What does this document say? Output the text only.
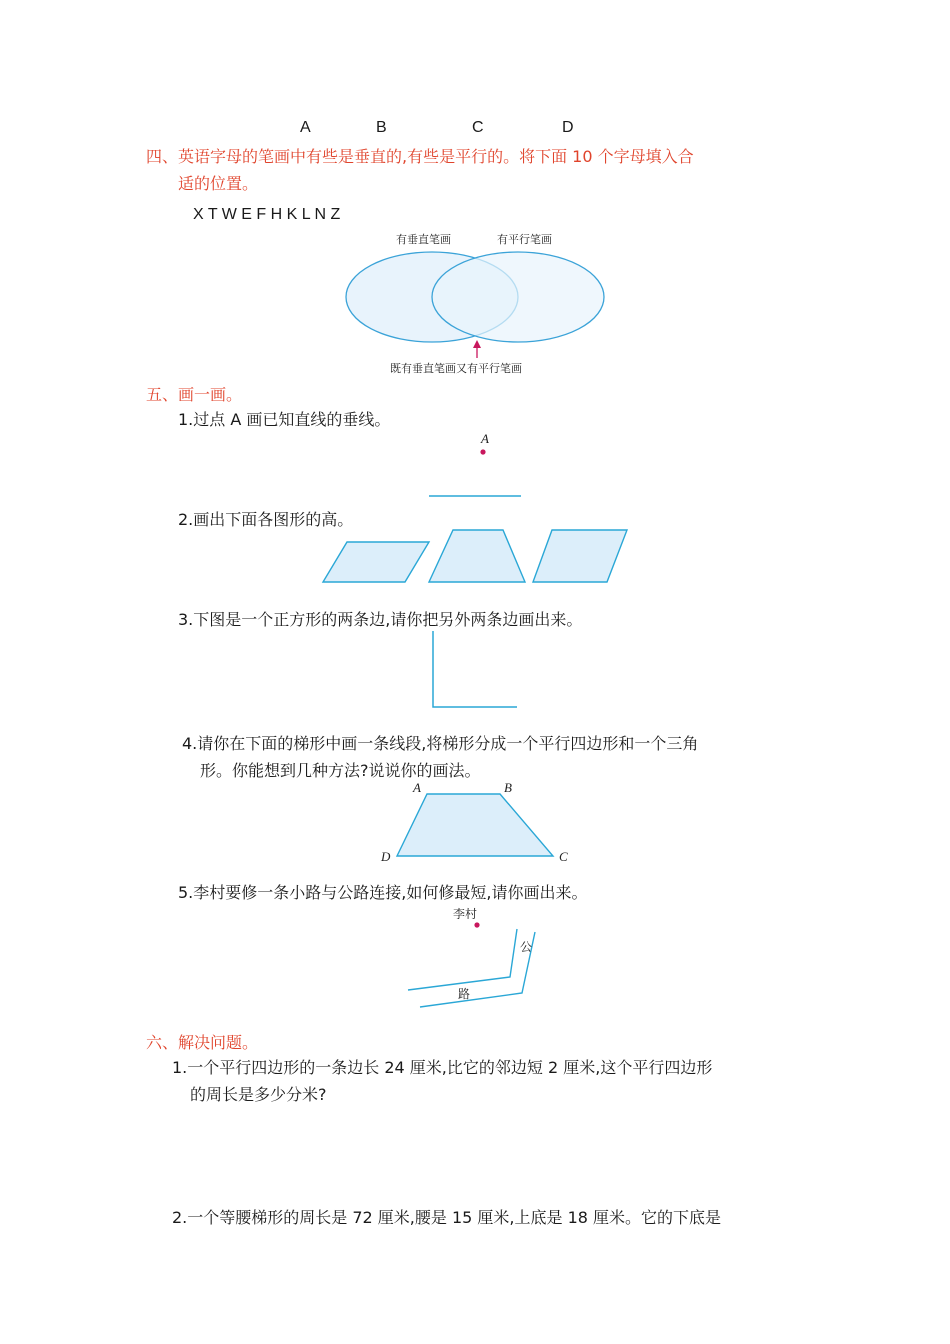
A	B	C	D
四、英语字母的笔画中有些是垂直的,有些是平行的。将下面 10 个字母填入合
适的位置。
X T W E F H K L N Z
有垂直笔画	有平行笔画
既有垂直笔画又有平行笔画
五、画一画。
1.过点 A 画已知直线的垂线。
A
2.画出下面各图形的高。
3.下图是一个正方形的两条边,请你把另外两条边画出来。
4.请你在下面的梯形中画一条线段,将梯形分成一个平行四边形和一个三角
形。你能想到几种方法?说说你的画法。
A	B
C
D
5.李村要修一条小路与公路连接,如何修最短,请你画出来。
李村
公
路
六、解决问题。
1.一个平行四边形的一条边长 24 厘米,比它的邻边短 2 厘米,这个平行四边形
的周长是多少分米?
2.一个等腰梯形的周长是 72 厘米,腰是 15 厘米,上底是 18 厘米。它的下底是
